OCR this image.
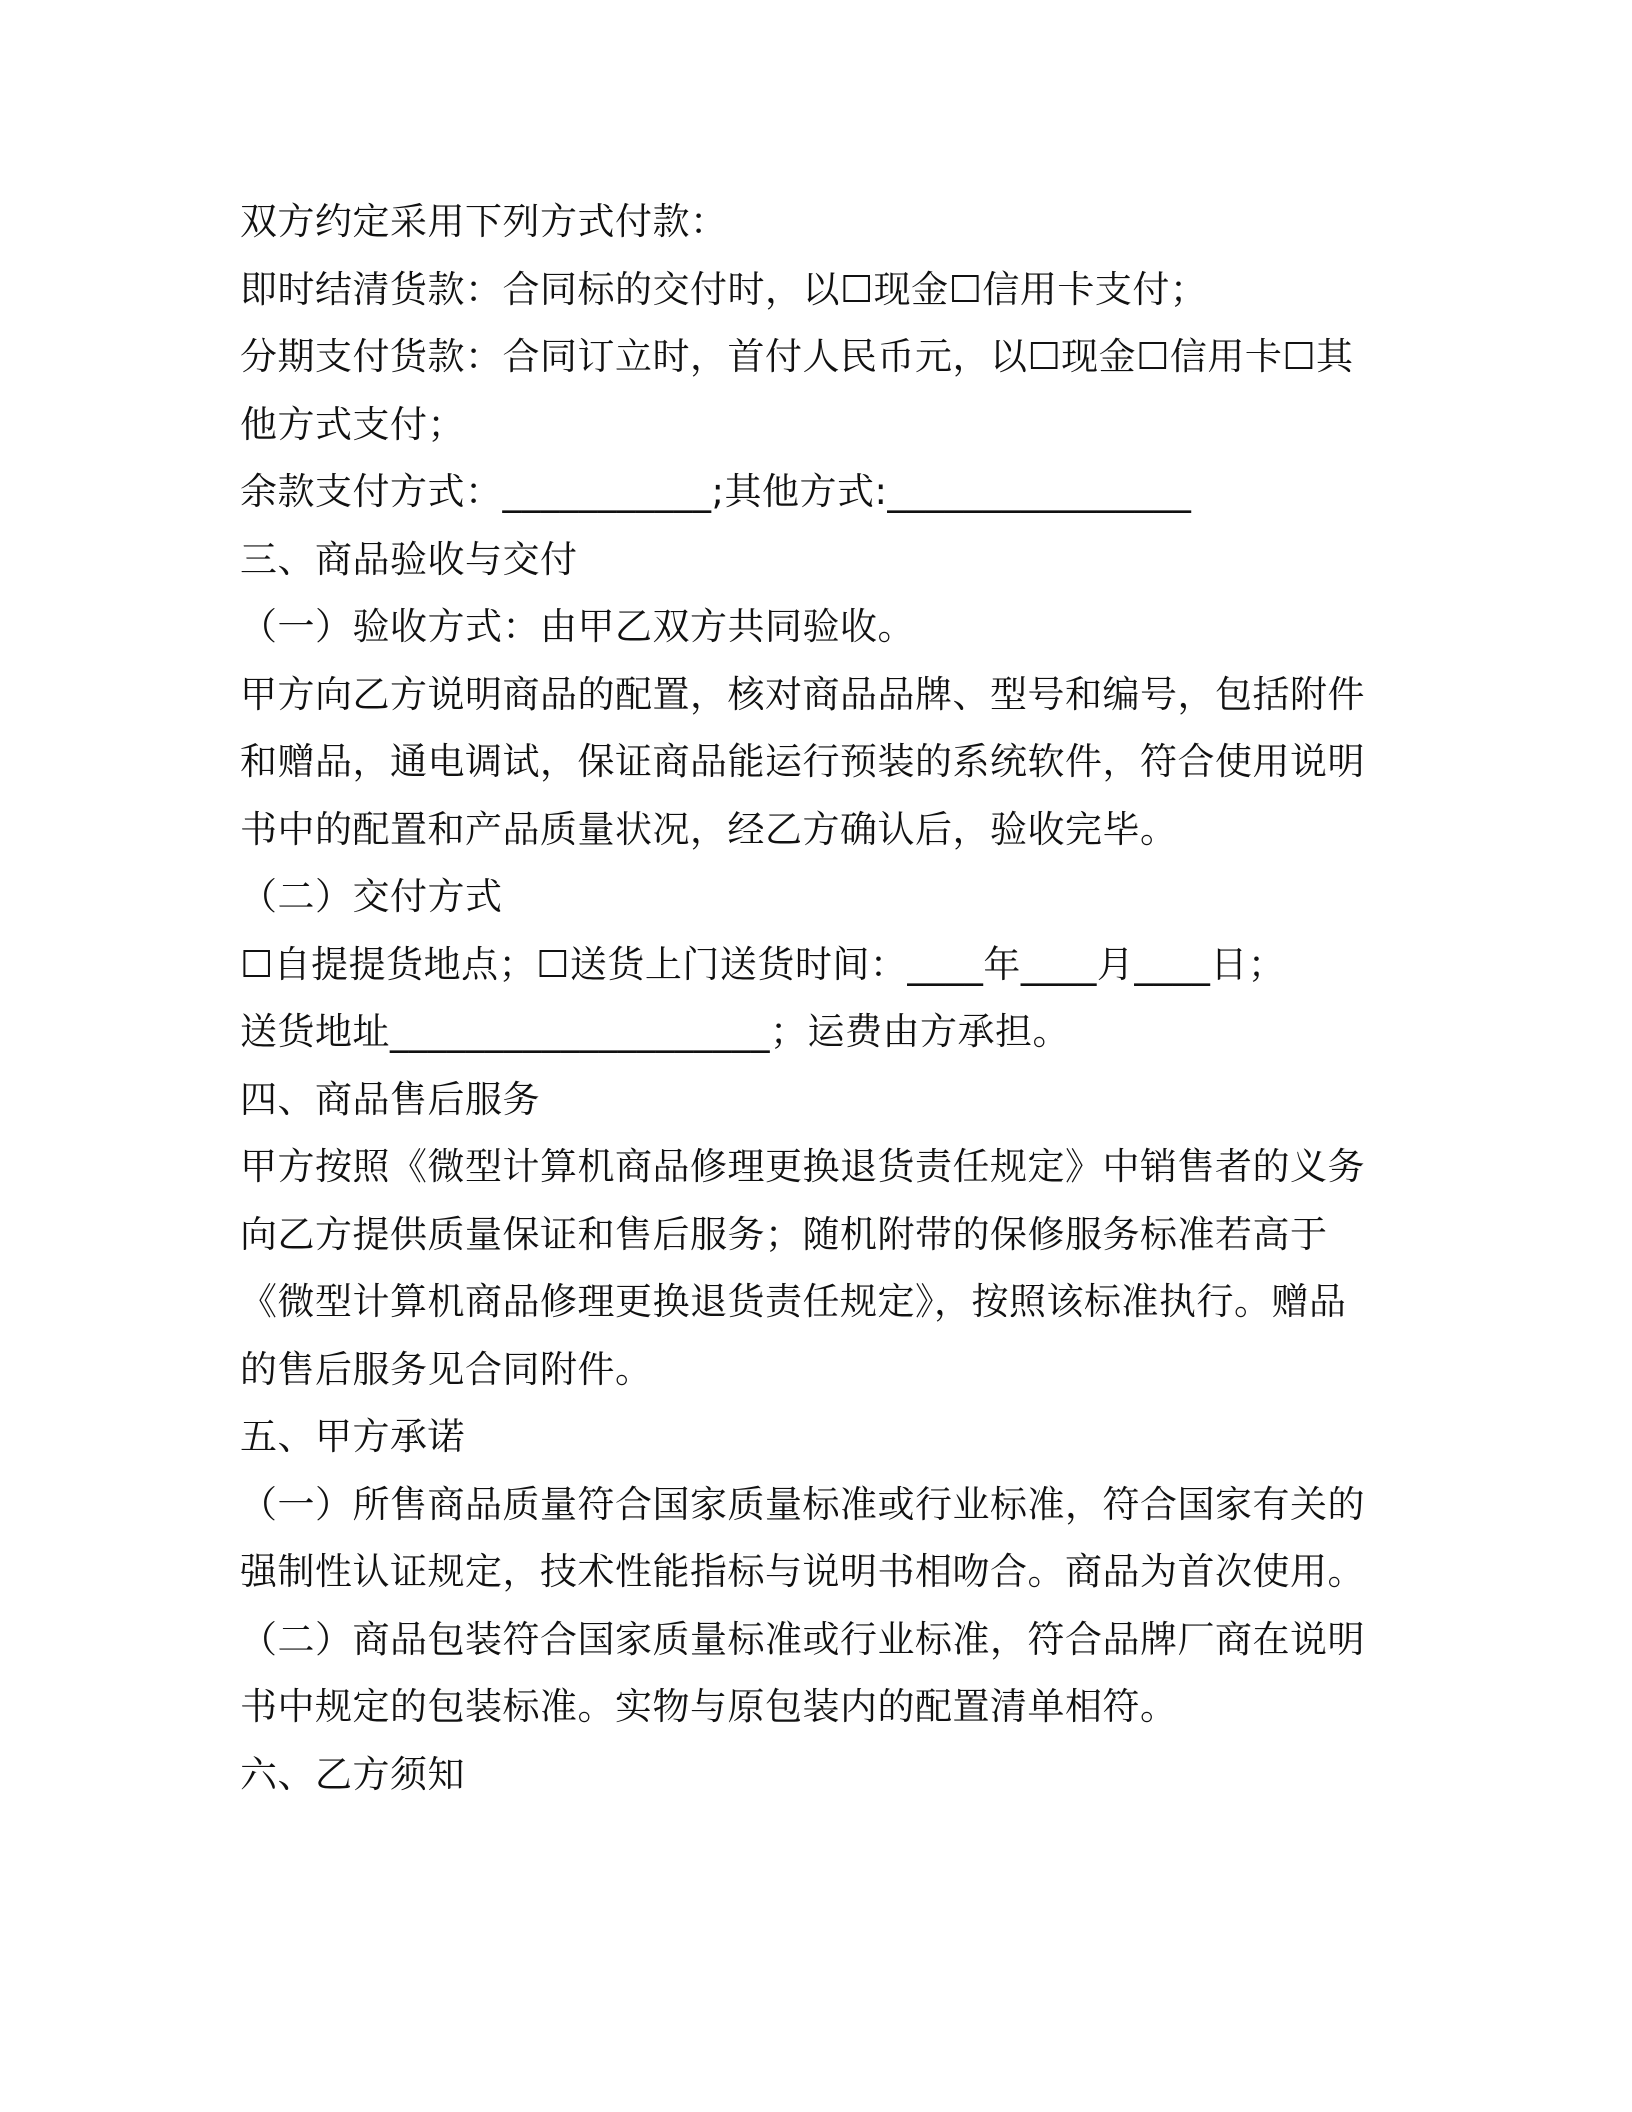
双方约定采用下列方式付款：
即时结清货款：合同标的交付时，以☐现金☐信用卡支付；
分期支付货款：合同订立时，首付人民币元，以☐现金☐信用卡☐其
他方式支付；
余款支付方式：___________;其他方式:________________
三、商品验收与交付
（一）验收方式：由甲乙双方共同验收。
甲方向乙方说明商品的配置，核对商品品牌、型号和编号，包括附件
和赠品，通电调试，保证商品能运行预装的系统软件，符合使用说明
书中的配置和产品质量状况，经乙方确认后，验收完毕。
（二）交付方式
☐自提提货地点；☐送货上门送货时间：____年____月____日；
送货地址____________________；运费由方承担。
四、商品售后服务
甲方按照《微型计算机商品修理更换退货责任规定》中销售者的义务
向乙方提供质量保证和售后服务；随机附带的保修服务标准若高于
《微型计算机商品修理更换退货责任规定》，按照该标准执行。赠品
的售后服务见合同附件。
五、甲方承诺
（一）所售商品质量符合国家质量标准或行业标准，符合国家有关的
强制性认证规定，技术性能指标与说明书相吻合。商品为首次使用。
（二）商品包装符合国家质量标准或行业标准，符合品牌厂商在说明
书中规定的包装标准。实物与原包装内的配置清单相符。
六、乙方须知
